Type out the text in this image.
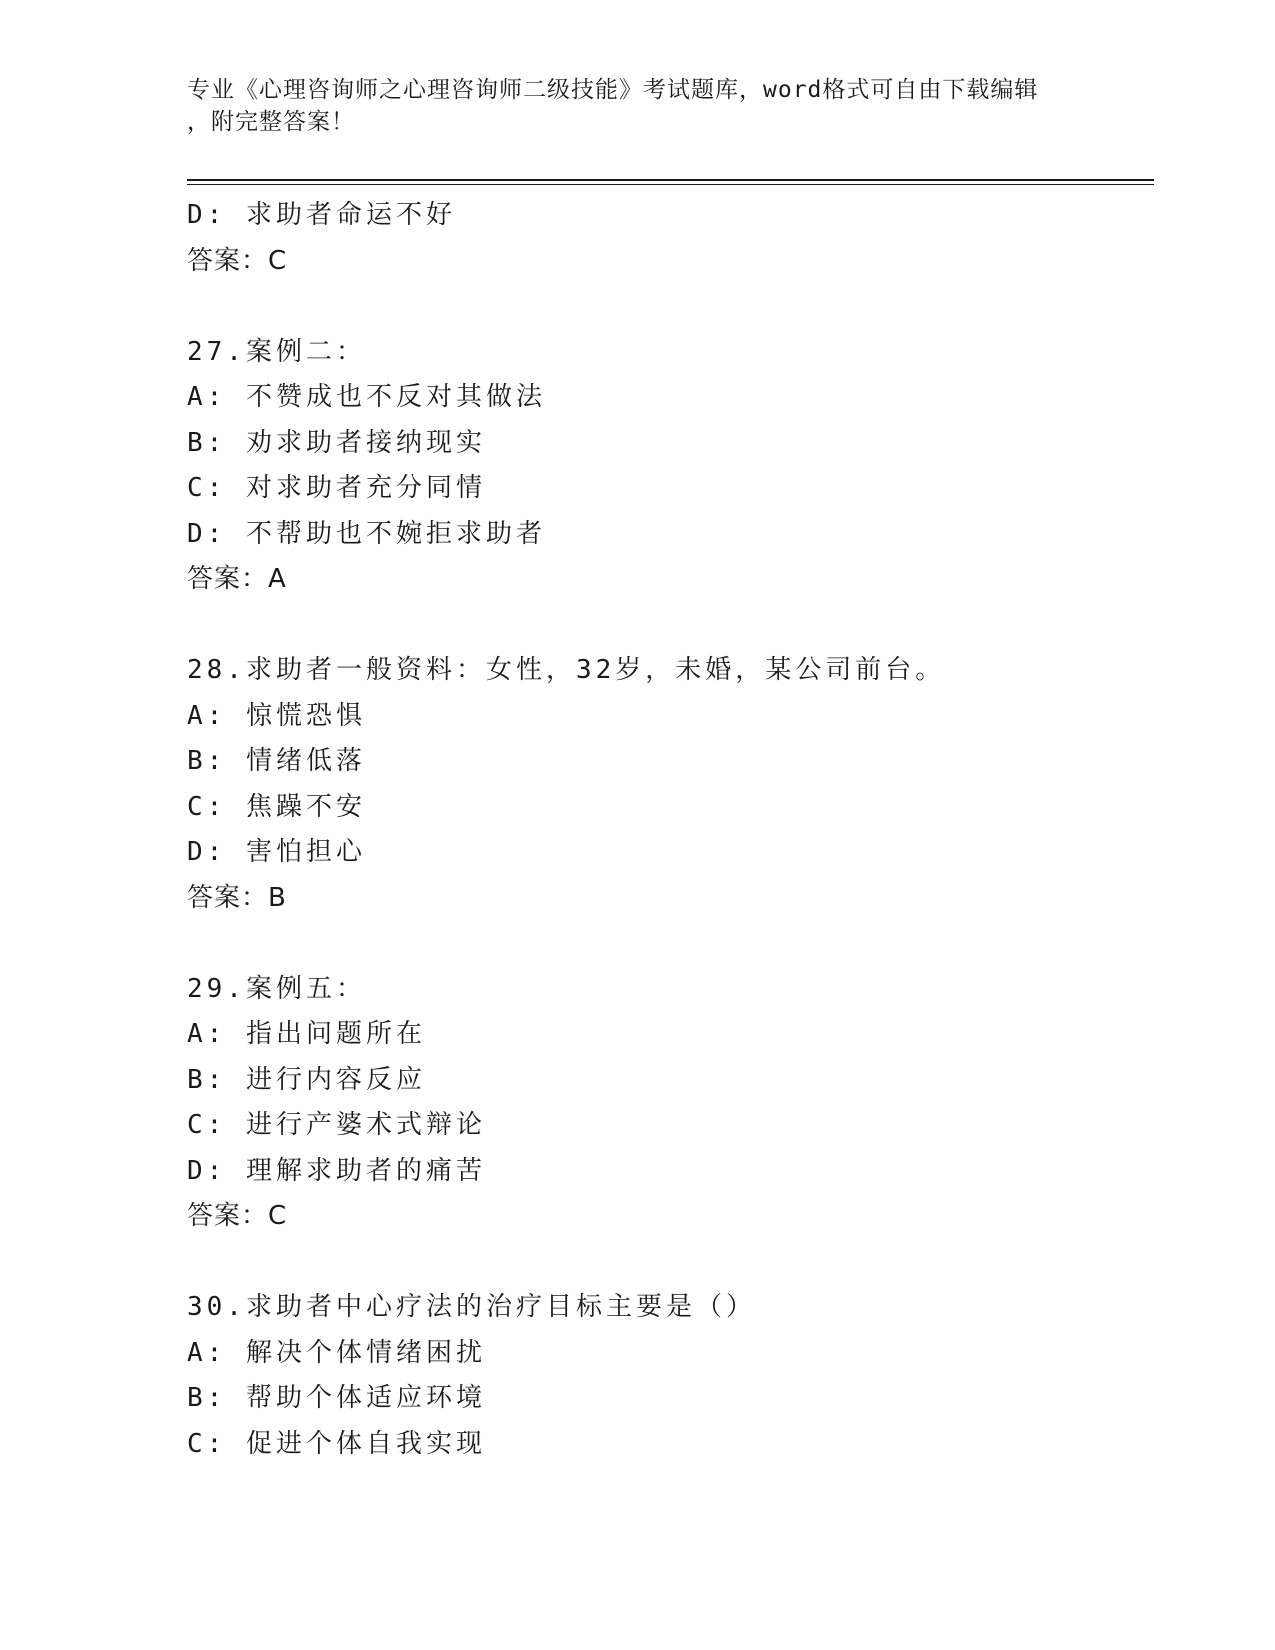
专业《心理咨询师之心理咨询师二级技能》考试题库，word格式可自由下载编辑
，附完整答案！
D: 求助者命运不好
答案：C
27.案例二：
A: 不赞成也不反对其做法
B: 劝求助者接纳现实
C: 对求助者充分同情
D: 不帮助也不婉拒求助者
答案：A
28.求助者一般资料：女性，32岁，未婚，某公司前台。
A: 惊慌恐惧
B: 情绪低落
C: 焦躁不安
D: 害怕担心
答案：B
29.案例五：
A: 指出问题所在
B: 进行内容反应
C: 进行产婆术式辩论
D: 理解求助者的痛苦
答案：C
30.求助者中心疗法的治疗目标主要是（）
A: 解决个体情绪困扰
B: 帮助个体适应环境
C: 促进个体自我实现
